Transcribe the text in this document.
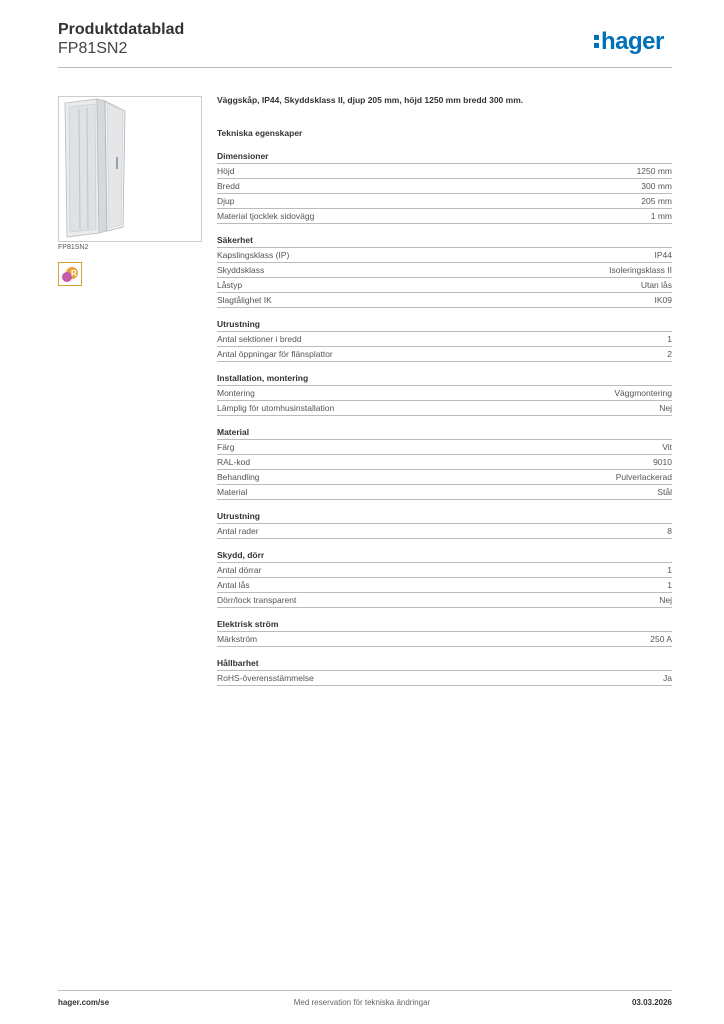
Produktdatablad
FP81SN2	hager
FP81SN2
R
Väggskåp, IP44, Skyddsklass II, djup 205 mm, höjd 1250 mm bredd 300 mm.
Tekniska egenskaper
Dimensioner
Höjd	1250 mm
Bredd	300 mm
Djup	205 mm
Material tjocklek sidovägg	1 mm
Säkerhet
Kapslingsklass (IP)	IP44
Skyddsklass	Isoleringsklass II
Låstyp	Utan lås
Slagtålighet IK	IK09
Utrustning
Antal sektioner i bredd	1
Antal öppningar för flänsplattor	2
Installation, montering
Montering	Väggmontering
Lämplig för utomhusinstallation	Nej
Material
Färg	Vit
RAL-kod	9010
Behandling	Pulverlackerad
Material	Stål
Utrustning
Antal rader	8
Skydd, dörr
Antal dörrar	1
Antal lås	1
Dörr/lock transparent	Nej
Elektrisk ström
Märkström	250 A
Hållbarhet
RoHS-överensstämmelse	Ja
hager.com/se	Med reservation för tekniska ändringar	03.03.2026
